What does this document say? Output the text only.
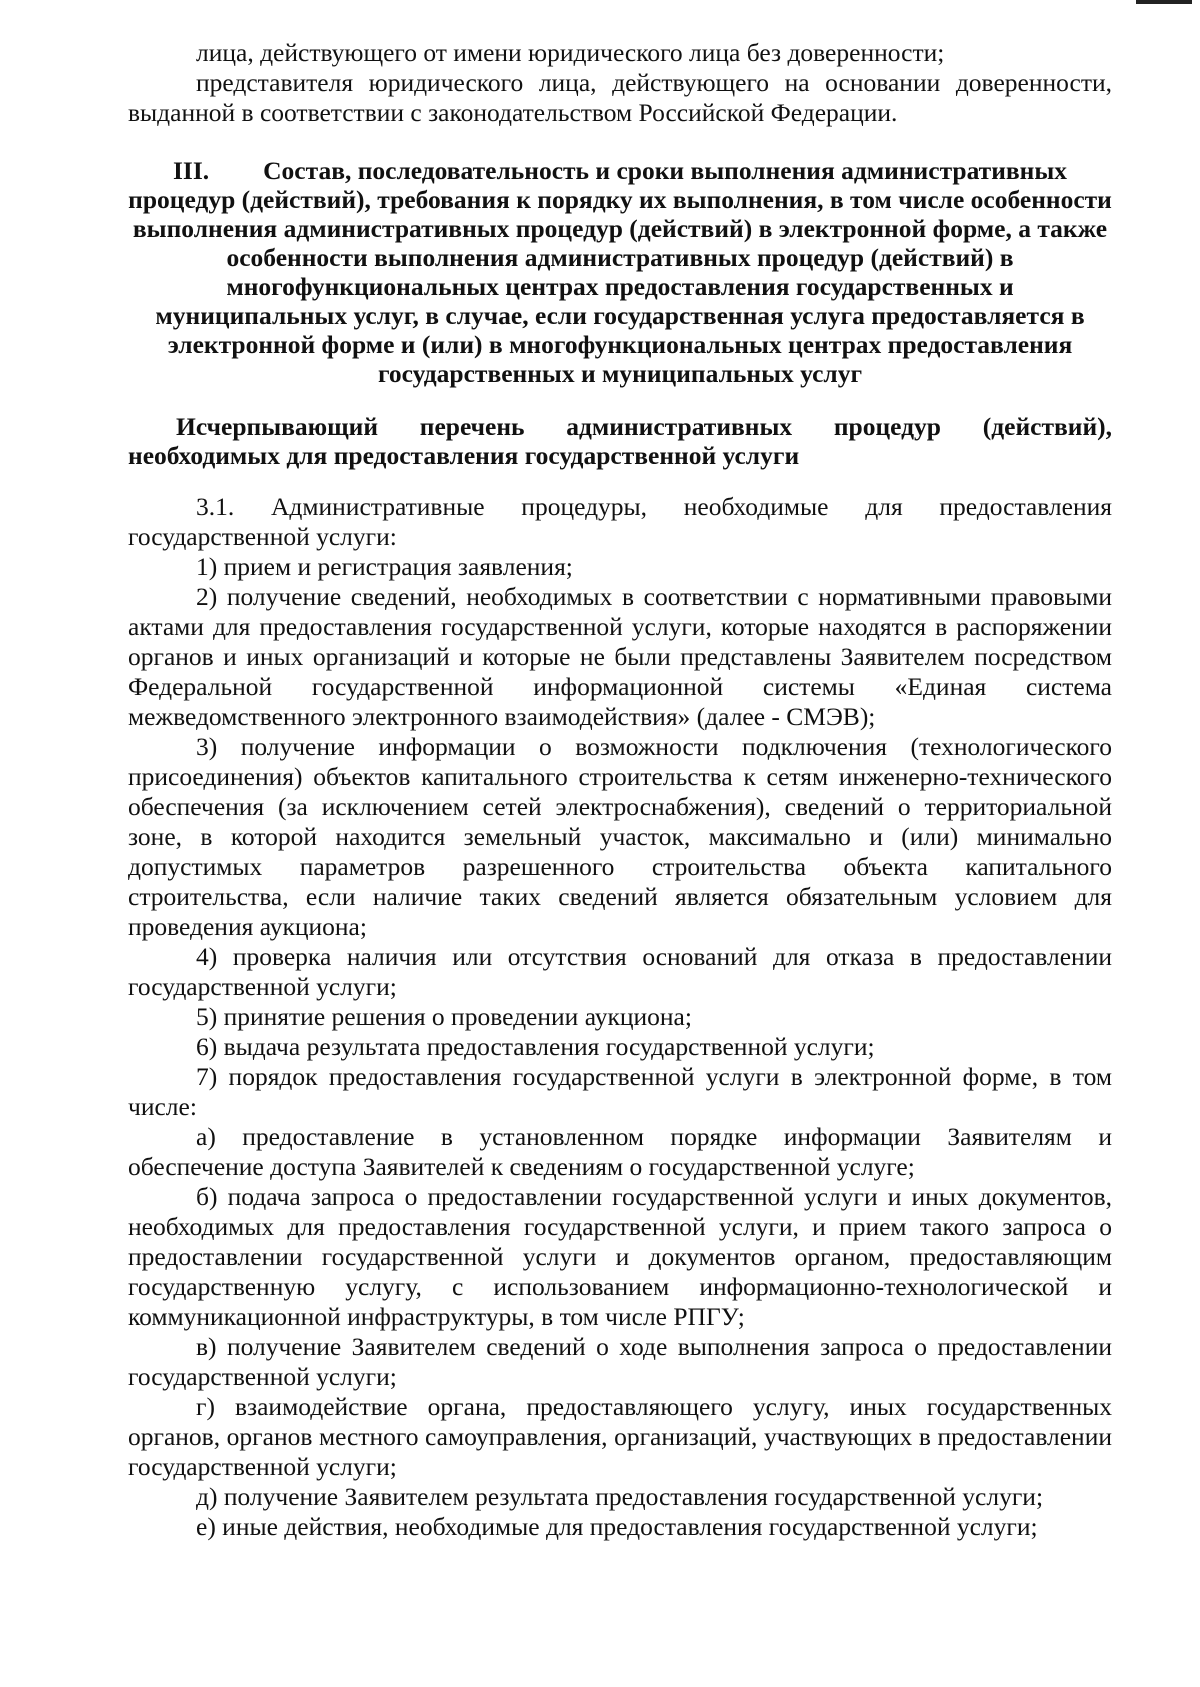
лица, действующего от имени юридического лица без доверенности;

представителя юридического лица, действующего на основании доверенности, выданной в соответствии с законодательством Российской Федерации.

III. Состав, последовательность и сроки выполнения административных процедур (действий), требования к порядку их выполнения, в том числе особенности выполнения административных процедур (действий) в электронной форме, а также особенности выполнения административных процедур (действий) в многофункциональных центрах предоставления государственных и муниципальных услуг, в случае, если государственная услуга предоставляется в электронной форме и (или) в многофункциональных центрах предоставления государственных и муниципальных услуг

Исчерпывающий перечень административных процедур (действий), необходимых для предоставления государственной услуги

3.1. Административные процедуры, необходимые для предоставления государственной услуги:

1) прием и регистрация заявления;

2) получение сведений, необходимых в соответствии с нормативными правовыми актами для предоставления государственной услуги, которые находятся в распоряжении органов и иных организаций и которые не были представлены Заявителем посредством Федеральной государственной информационной системы «Единая система межведомственного электронного взаимодействия» (далее - СМЭВ);

3) получение информации о возможности подключения (технологического присоединения) объектов капитального строительства к сетям инженерно-технического обеспечения (за исключением сетей электроснабжения), сведений о территориальной зоне, в которой находится земельный участок, максимально и (или) минимально допустимых параметров разрешенного строительства объекта капитального строительства, если наличие таких сведений является обязательным условием для проведения аукциона;

4) проверка наличия или отсутствия оснований для отказа в предоставлении государственной услуги;

5) принятие решения о проведении аукциона;

6) выдача результата предоставления государственной услуги;

7) порядок предоставления государственной услуги в электронной форме, в том числе:

а) предоставление в установленном порядке информации Заявителям и обеспечение доступа Заявителей к сведениям о государственной услуге;

б) подача запроса о предоставлении государственной услуги и иных документов, необходимых для предоставления государственной услуги, и прием такого запроса о предоставлении государственной услуги и документов органом, предоставляющим государственную услугу, с использованием информационно-технологической и коммуникационной инфраструктуры, в том числе РПГУ;

в) получение Заявителем сведений о ходе выполнения запроса о предоставлении государственной услуги;

г) взаимодействие органа, предоставляющего услугу, иных государственных органов, органов местного самоуправления, организаций, участвующих в предоставлении государственной услуги;

д) получение Заявителем результата предоставления государственной услуги;

е) иные действия, необходимые для предоставления государственной услуги;
